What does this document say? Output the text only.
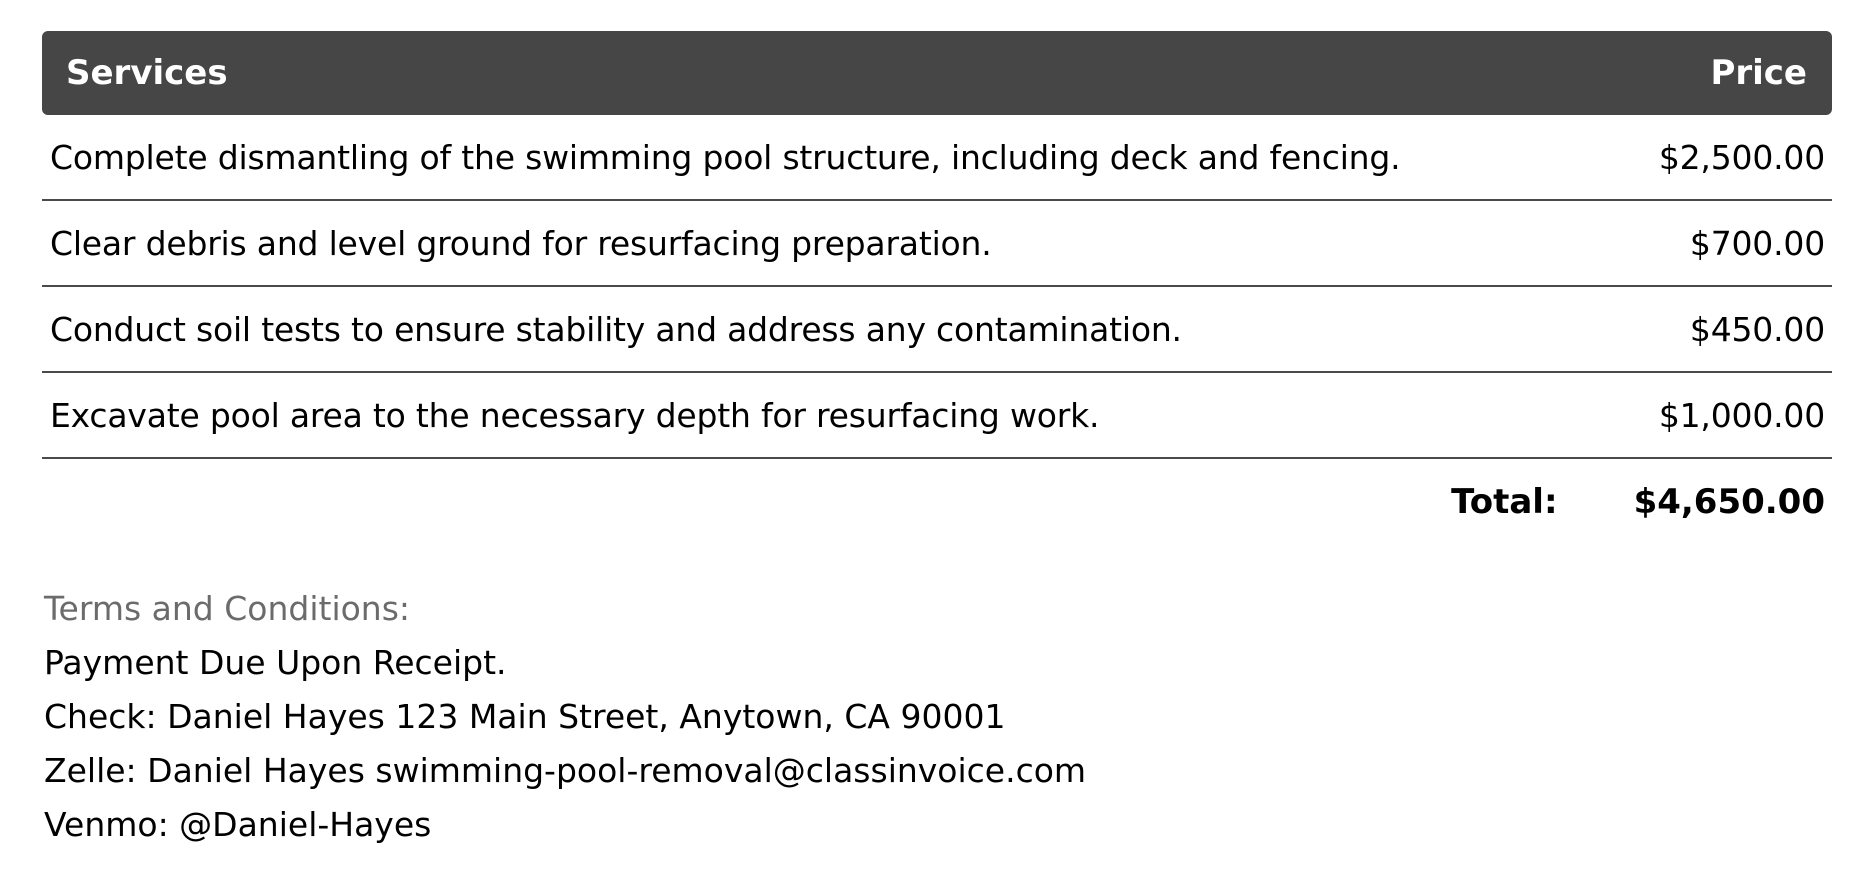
Services	Price
Complete dismantling of the swimming pool structure, including deck and fencing.	$2,500.00
Clear debris and level ground for resurfacing preparation.	$700.00
Conduct soil tests to ensure stability and address any contamination.	$450.00
Excavate pool area to the necessary depth for resurfacing work.	$1,000.00
Total: $4,650.00
Terms and Conditions:
Payment Due Upon Receipt.
Check: Daniel Hayes 123 Main Street, Anytown, CA 90001
Zelle: Daniel Hayes swimming-pool-removal@classinvoice.com
Venmo: @Daniel-Hayes
